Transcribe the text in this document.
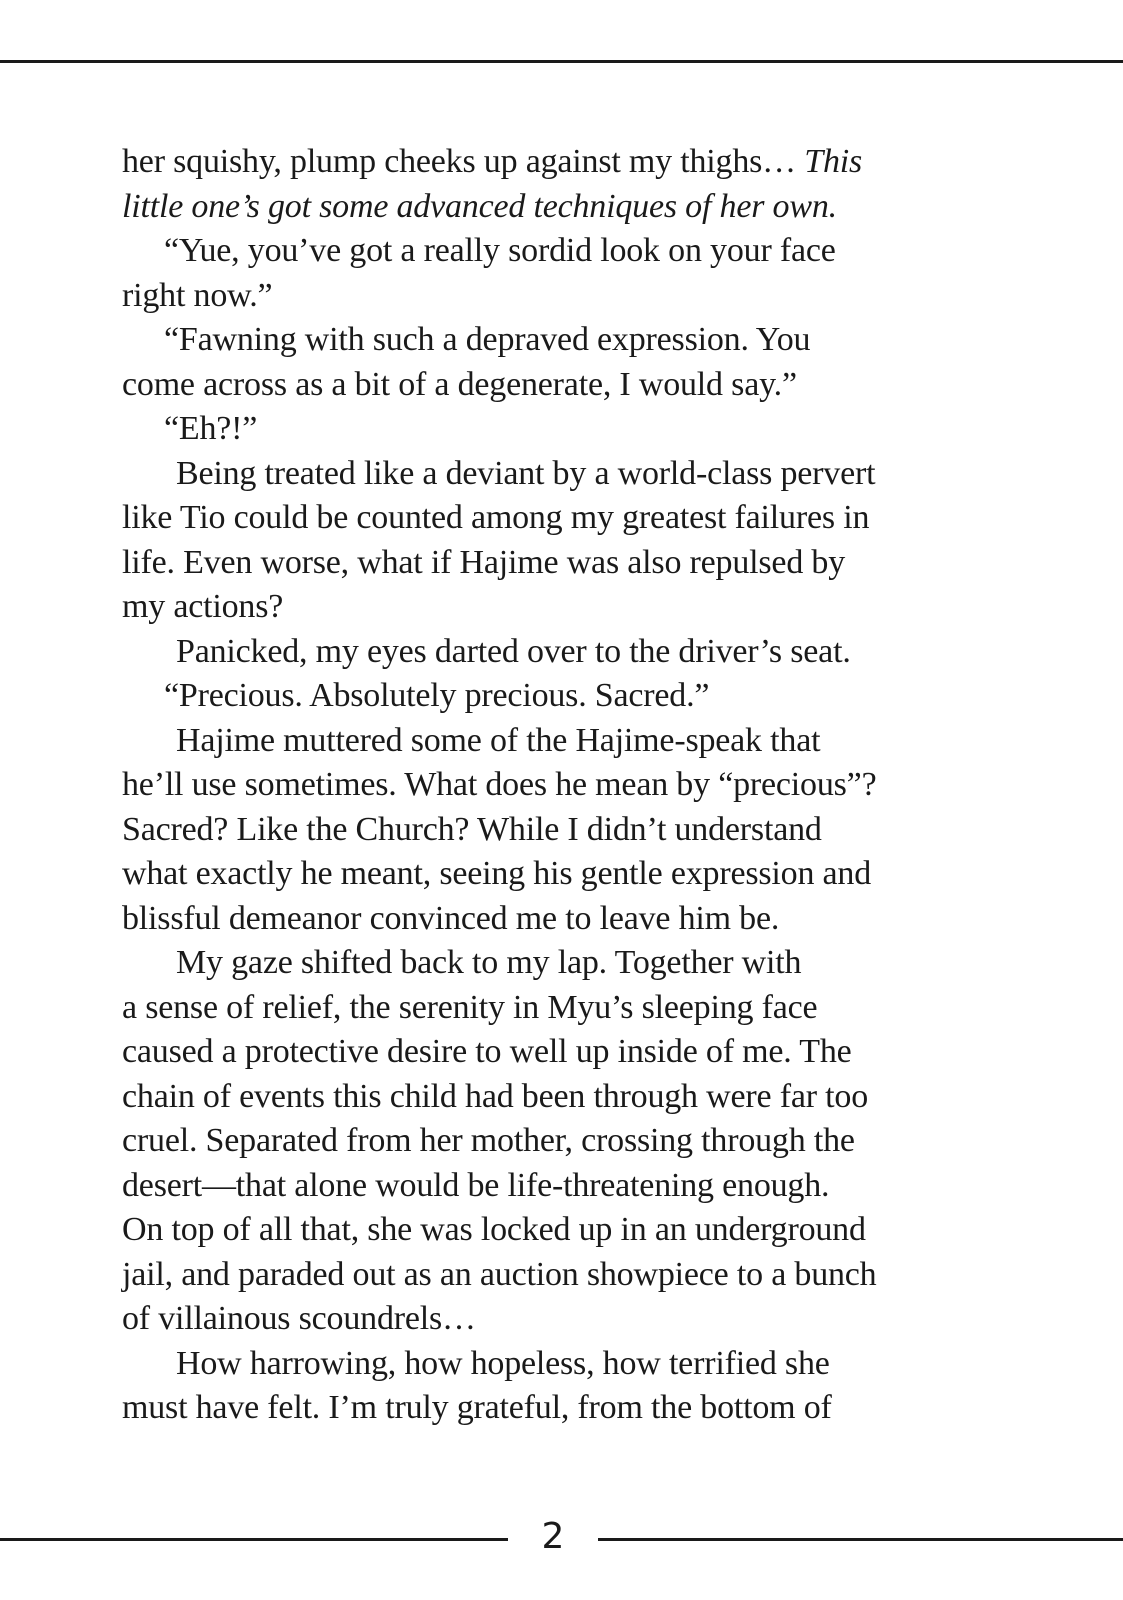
her squishy, plump cheeks up against my thighs… This
little one’s got some advanced techniques of her own.
“Yue, you’ve got a really sordid look on your face
right now.”
“Fawning with such a depraved expression. You
come across as a bit of a degenerate, I would say.”
“Eh?!”
Being treated like a deviant by a world-class pervert
like Tio could be counted among my greatest failures in
life. Even worse, what if Hajime was also repulsed by
my actions?
Panicked, my eyes darted over to the driver’s seat.
“Precious. Absolutely precious. Sacred.”
Hajime muttered some of the Hajime-speak that
he’ll use sometimes. What does he mean by “precious”?
Sacred? Like the Church? While I didn’t understand
what exactly he meant, seeing his gentle expression and
blissful demeanor convinced me to leave him be.
My gaze shifted back to my lap. Together with
a sense of relief, the serenity in Myu’s sleeping face
caused a protective desire to well up inside of me. The
chain of events this child had been through were far too
cruel. Separated from her mother, crossing through the
desert—that alone would be life-threatening enough.
On top of all that, she was locked up in an underground
jail, and paraded out as an auction showpiece to a bunch
of villainous scoundrels…
How harrowing, how hopeless, how terrified she
must have felt. I’m truly grateful, from the bottom of
2
